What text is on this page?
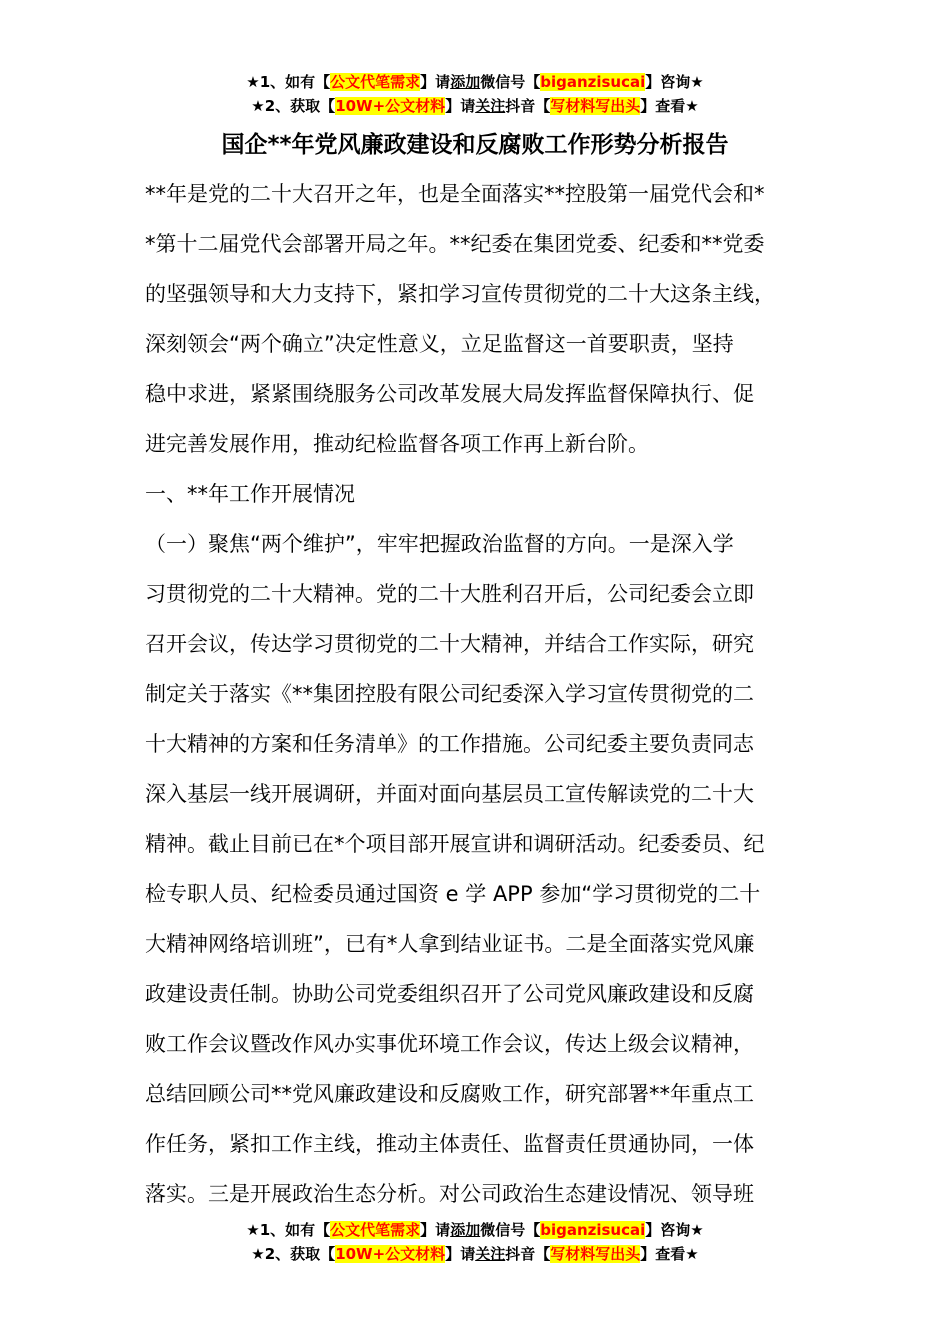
★1、如有【公文代笔需求】请添加微信号【biganzisucai】咨询★
★2、获取【10W+公文材料】请关注抖音【写材料写出头】查看★
国企**年党风廉政建设和反腐败工作形势分析报告
**年是党的二十大召开之年，也是全面落实**控股第一届党代会和*
*第十二届党代会部署开局之年。**纪委在集团党委、纪委和**党委
的坚强领导和大力支持下，紧扣学习宣传贯彻党的二十大这条主线，
深刻领会“两个确立”决定性意义，立足监督这一首要职责，坚持
稳中求进，紧紧围绕服务公司改革发展大局发挥监督保障执行、促
进完善发展作用，推动纪检监督各项工作再上新台阶。
一、**年工作开展情况
（一）聚焦“两个维护”，牢牢把握政治监督的方向。一是深入学
习贯彻党的二十大精神。党的二十大胜利召开后，公司纪委会立即
召开会议，传达学习贯彻党的二十大精神，并结合工作实际，研究
制定关于落实《**集团控股有限公司纪委深入学习宣传贯彻党的二
十大精神的方案和任务清单》的工作措施。公司纪委主要负责同志
深入基层一线开展调研，并面对面向基层员工宣传解读党的二十大
精神。截止目前已在*个项目部开展宣讲和调研活动。纪委委员、纪
检专职人员、纪检委员通过国资 e 学 APP 参加“学习贯彻党的二十
大精神网络培训班”，已有*人拿到结业证书。二是全面落实党风廉
政建设责任制。协助公司党委组织召开了公司党风廉政建设和反腐
败工作会议暨改作风办实事优环境工作会议，传达上级会议精神，
总结回顾公司**党风廉政建设和反腐败工作，研究部署**年重点工
作任务，紧扣工作主线，推动主体责任、监督责任贯通协同，一体
落实。三是开展政治生态分析。对公司政治生态建设情况、领导班
★1、如有【公文代笔需求】请添加微信号【biganzisucai】咨询★
★2、获取【10W+公文材料】请关注抖音【写材料写出头】查看★
